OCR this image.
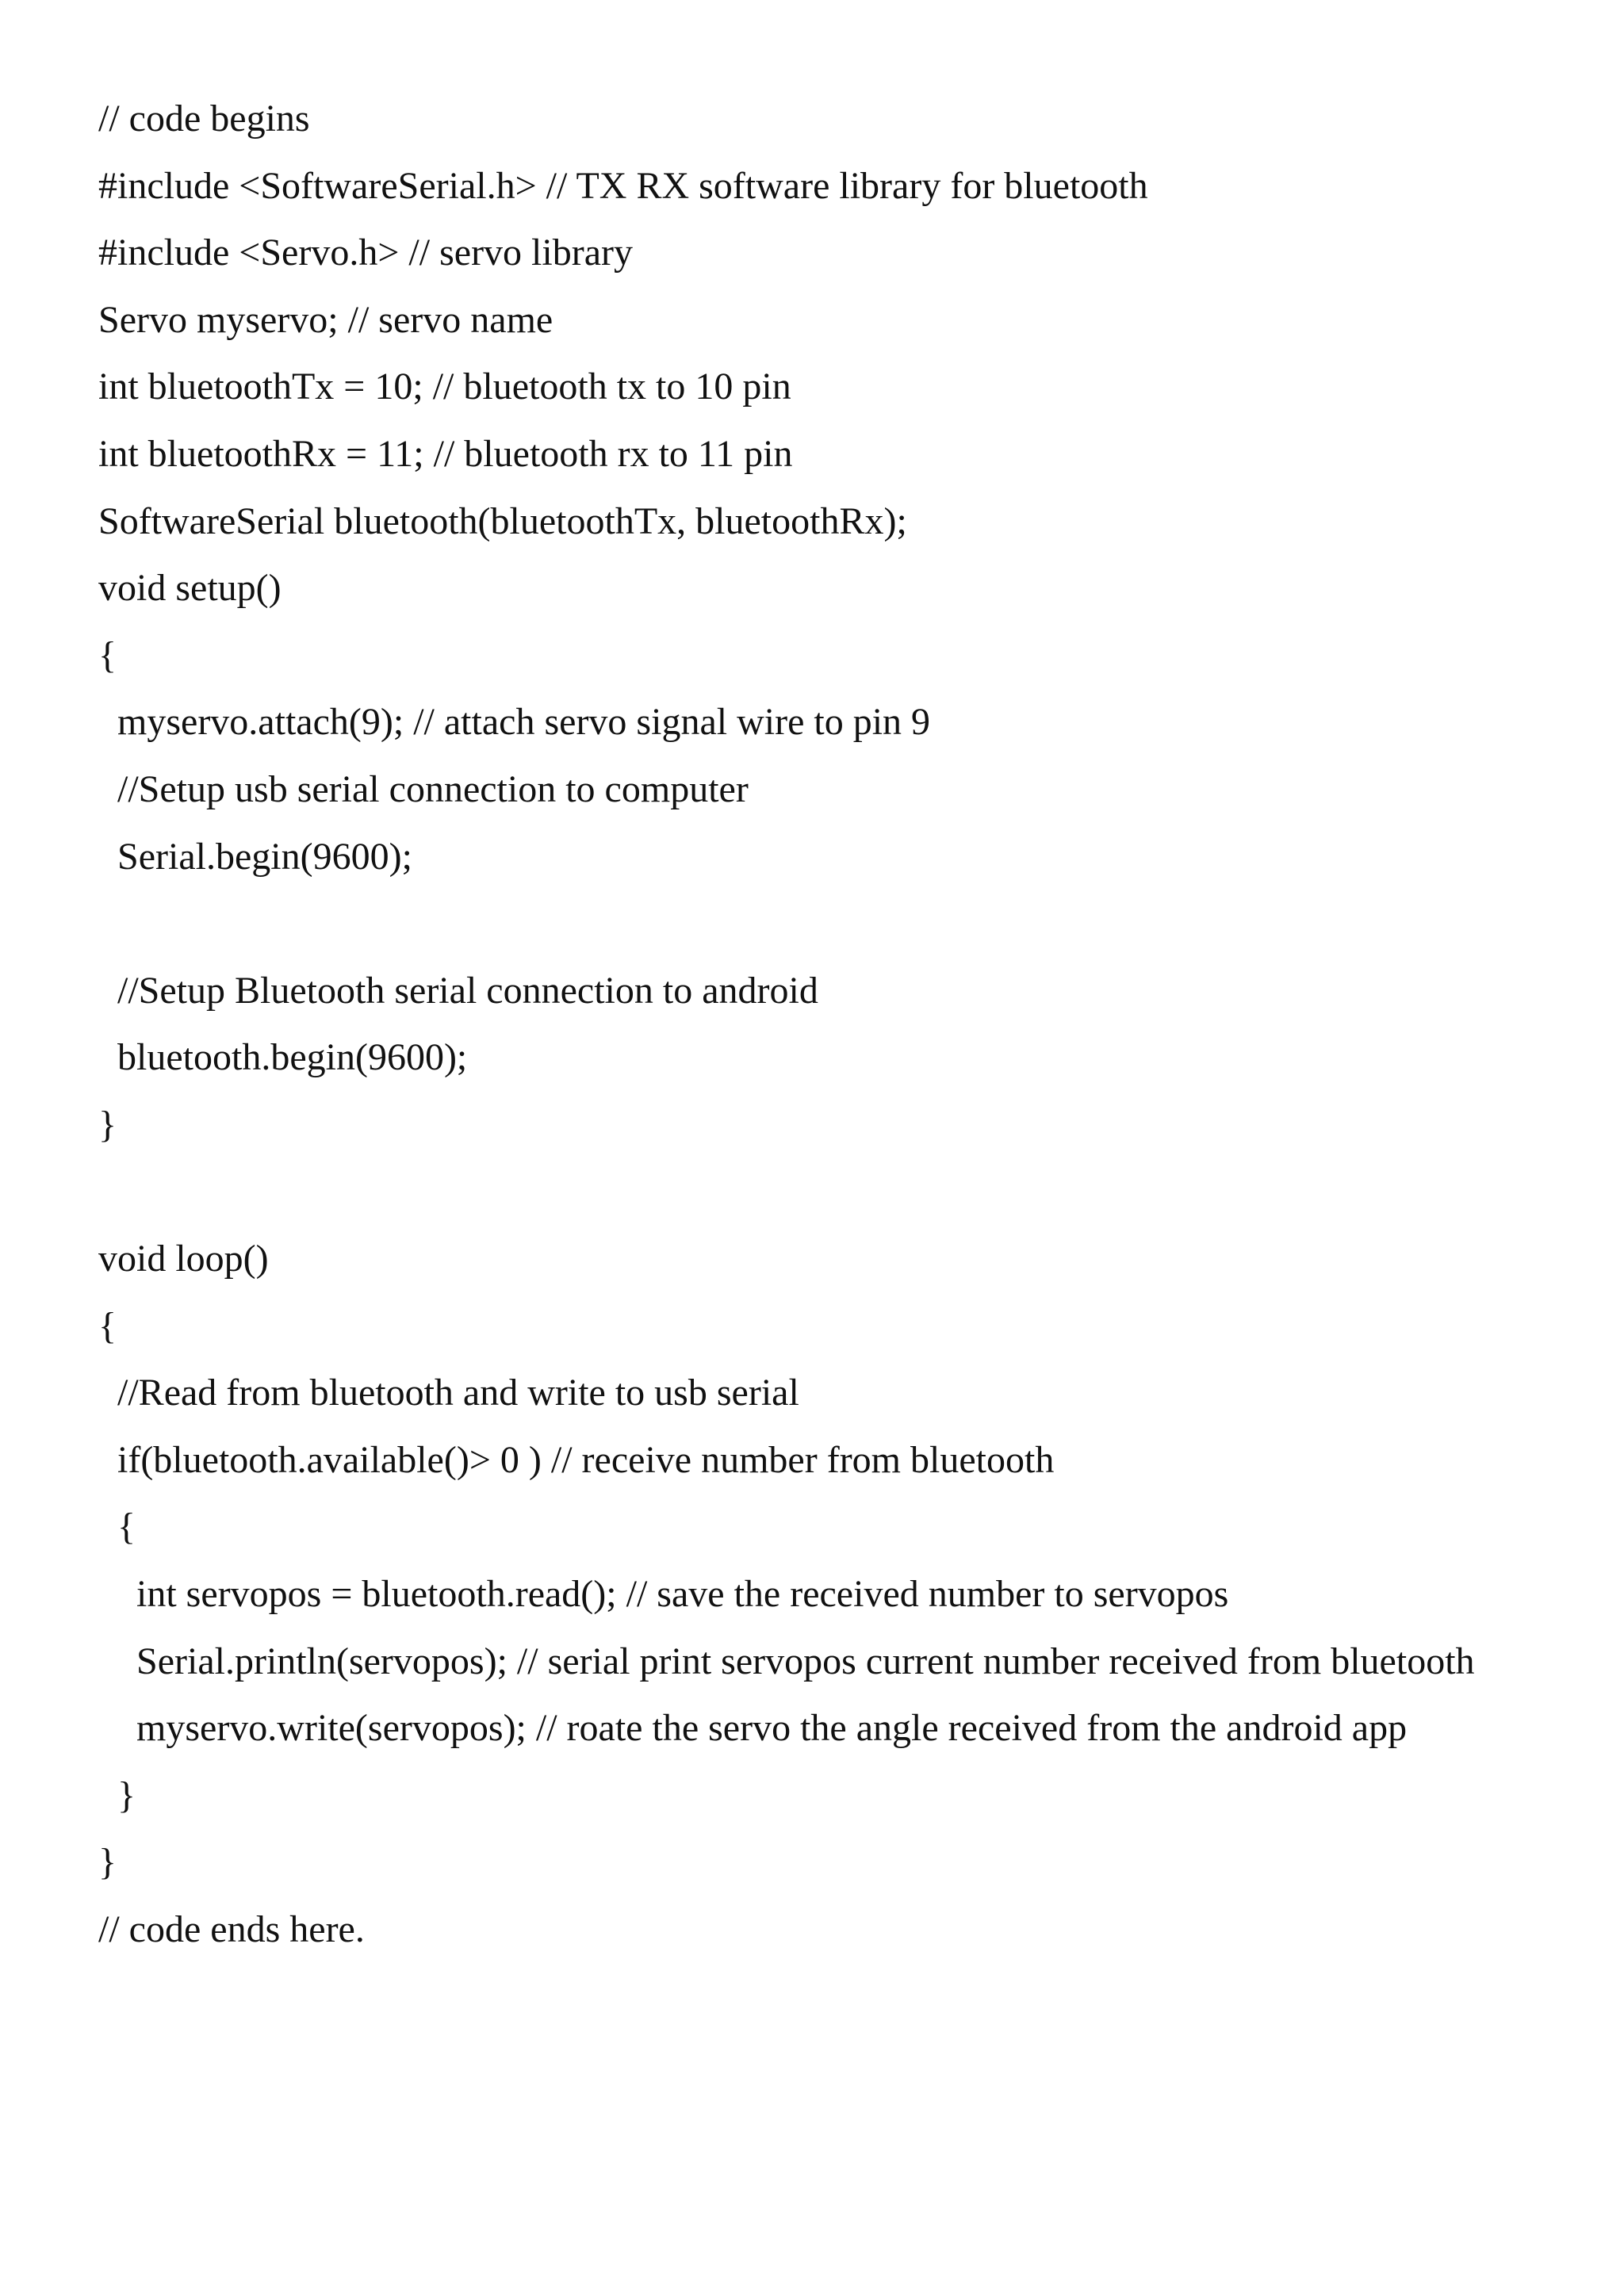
// code begins
#include <SoftwareSerial.h> // TX RX software library for bluetooth
#include <Servo.h> // servo library
Servo myservo; // servo name
int bluetoothTx = 10; // bluetooth tx to 10 pin
int bluetoothRx = 11; // bluetooth rx to 11 pin
SoftwareSerial bluetooth(bluetoothTx, bluetoothRx);
void setup()
{
myservo.attach(9); // attach servo signal wire to pin 9
//Setup usb serial connection to computer
Serial.begin(9600);
//Setup Bluetooth serial connection to android
bluetooth.begin(9600);
}
void loop()
{
//Read from bluetooth and write to usb serial
if(bluetooth.available()> 0 ) // receive number from bluetooth
{
int servopos = bluetooth.read(); // save the received number to servopos
Serial.println(servopos); // serial print servopos current number received from bluetooth
myservo.write(servopos); // roate the servo the angle received from the android app
}
}
// code ends here.
